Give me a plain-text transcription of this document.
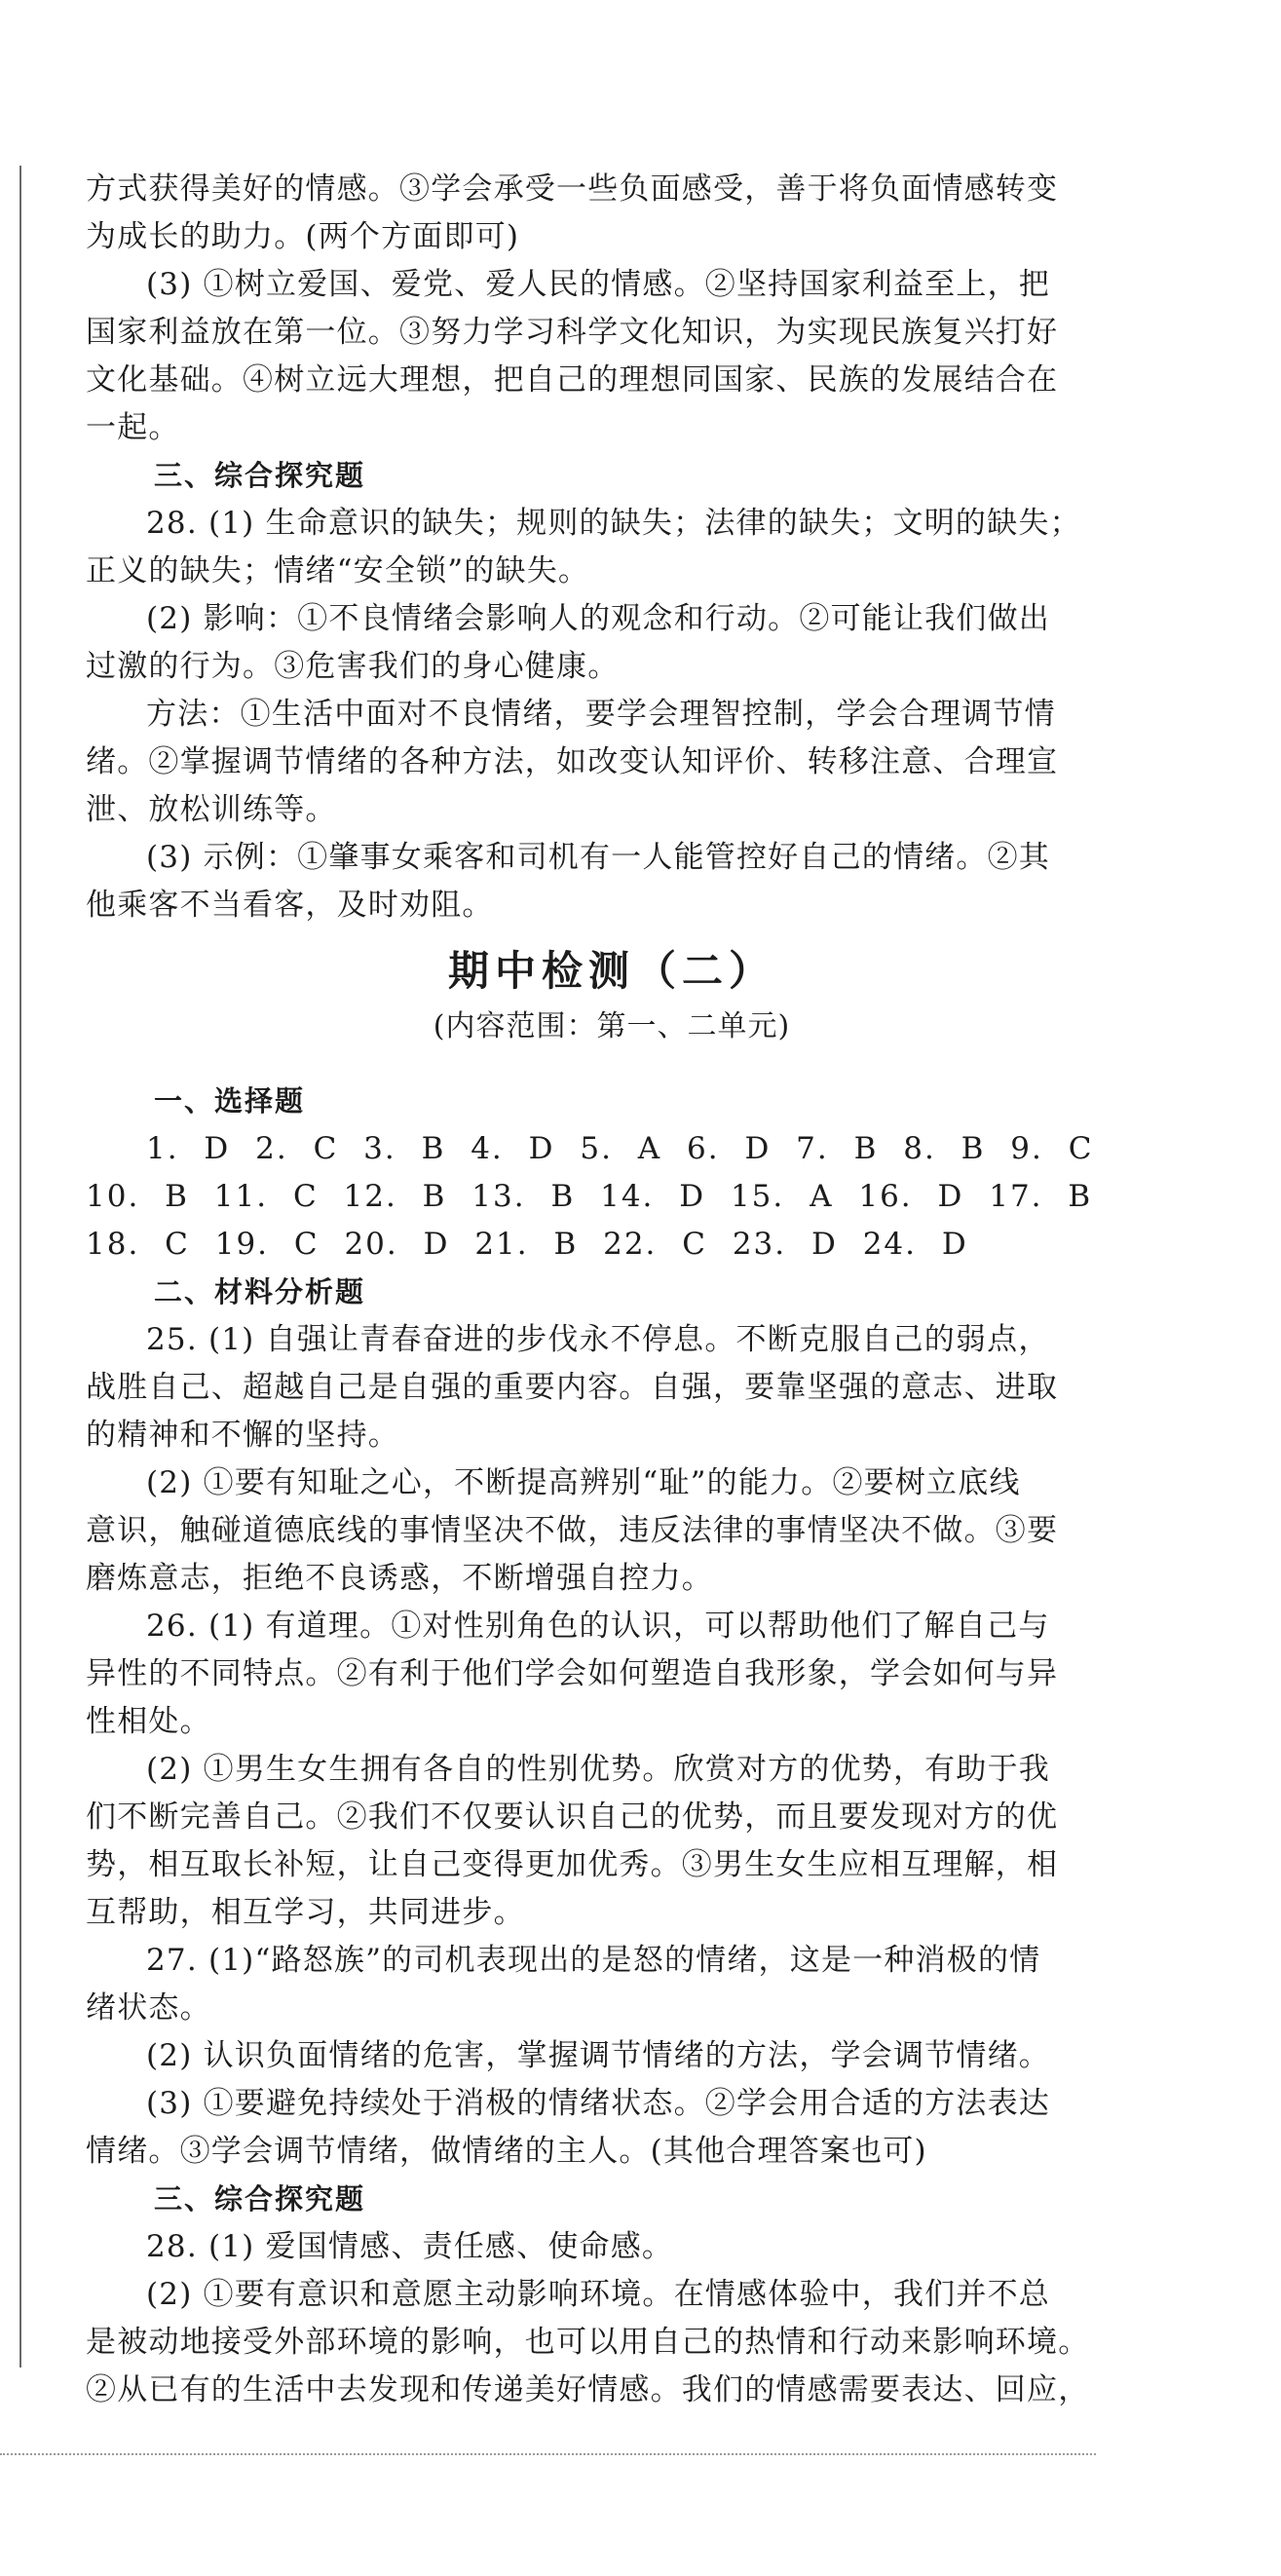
方式获得美好的情感。③学会承受一些负面感受，善于将负面情感转变
为成长的助力。(两个方面即可)
(3) ①树立爱国、爱党、爱人民的情感。②坚持国家利益至上，把
国家利益放在第一位。③努力学习科学文化知识，为实现民族复兴打好
文化基础。④树立远大理想，把自己的理想同国家、民族的发展结合在
一起。
三、综合探究题
28. (1) 生命意识的缺失；规则的缺失；法律的缺失；文明的缺失；
正义的缺失；情绪“安全锁”的缺失。
(2) 影响：①不良情绪会影响人的观念和行动。②可能让我们做出
过激的行为。③危害我们的身心健康。
方法：①生活中面对不良情绪，要学会理智控制，学会合理调节情
绪。②掌握调节情绪的各种方法，如改变认知评价、转移注意、合理宣
泄、放松训练等。
(3) 示例：①肇事女乘客和司机有一人能管控好自己的情绪。②其
他乘客不当看客，及时劝阻。
期中检测（二）
(内容范围：第一、二单元)
一、选择题
1. D 2. C 3. B 4. D 5. A 6. D 7. B 8. B 9. C
10. B 11. C 12. B 13. B 14. D 15. A 16. D 17. B
18. C 19. C 20. D 21. B 22. C 23. D 24. D
二、材料分析题
25. (1) 自强让青春奋进的步伐永不停息。不断克服自己的弱点，
战胜自己、超越自己是自强的重要内容。自强，要靠坚强的意志、进取
的精神和不懈的坚持。
(2) ①要有知耻之心，不断提高辨别“耻”的能力。②要树立底线
意识，触碰道德底线的事情坚决不做，违反法律的事情坚决不做。③要
磨炼意志，拒绝不良诱惑，不断增强自控力。
26. (1) 有道理。①对性别角色的认识，可以帮助他们了解自己与
异性的不同特点。②有利于他们学会如何塑造自我形象，学会如何与异
性相处。
(2) ①男生女生拥有各自的性别优势。欣赏对方的优势，有助于我
们不断完善自己。②我们不仅要认识自己的优势，而且要发现对方的优
势，相互取长补短，让自己变得更加优秀。③男生女生应相互理解，相
互帮助，相互学习，共同进步。
27. (1)“路怒族”的司机表现出的是怒的情绪，这是一种消极的情
绪状态。
(2) 认识负面情绪的危害，掌握调节情绪的方法，学会调节情绪。
(3) ①要避免持续处于消极的情绪状态。②学会用合适的方法表达
情绪。③学会调节情绪，做情绪的主人。(其他合理答案也可)
三、综合探究题
28. (1) 爱国情感、责任感、使命感。
(2) ①要有意识和意愿主动影响环境。在情感体验中，我们并不总
是被动地接受外部环境的影响，也可以用自己的热情和行动来影响环境。
②从已有的生活中去发现和传递美好情感。我们的情感需要表达、回应，
